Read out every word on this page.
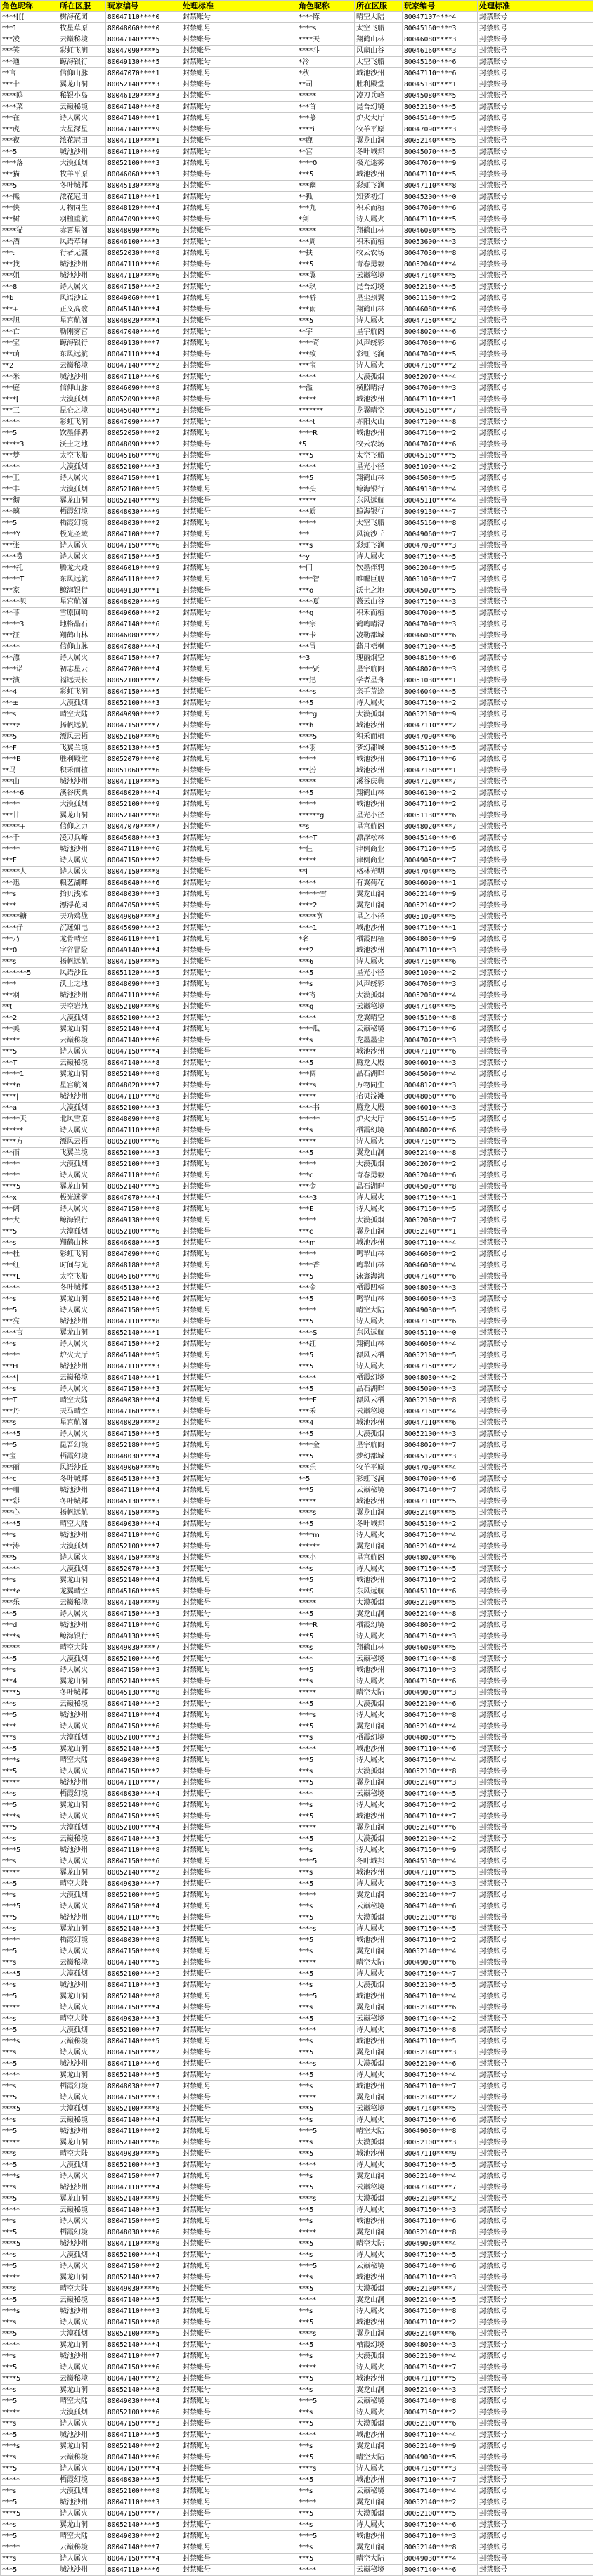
角色昵称	所在区服	玩家编号	处理标准	角色昵称	所在区服	玩家编号	处理标准
****[[[	树海花园	80047110****0	封禁账号	****陈	晴空大陆	80047107****4	封禁账号
***1	牧星草原	80048060****0	封禁账号	****s	太空飞船	80045160****3	封禁账号
***凌	云巅秘境	80047140****5	封禁账号	****天	翔鹤山林	80046080****3	封禁账号
***笑	彩虹飞涧	80047090****5	封禁账号	****斗	风扇山谷	80046160****3	封禁账号
***通	鲸海银行	80049130****5	封禁账号	*冷	太空飞船	80045160****6	封禁账号
**言	信仰山脉	80047070****1	封禁账号	*秋	城池沙州	80047110****6	封禁账号
***十	翼龙山洞	80052140****3	封禁账号	**司	胜利殿堂	80045130****1	封禁账号
****鸥	秘银小岛	80046120****3	封禁账号	*****	凌刀兵峰	80045080****5	封禁账号
****菜	云巅秘境	80047140****8	封禁账号	***首	昆吾幻境	80052180****5	封禁账号
***在	诗人属火	80047140****1	封禁账号	***慕	炉火大厅	80045140****5	封禁账号
***虎	大星深星	80047140****9	封禁账号	****i	牧羊平原	80047090****3	封禁账号
***夜	浓花冠田	80047110****1	封禁账号	**鹿	翼龙山洞	80052140****5	封禁账号
***5	城池沙州	80047110****9	封禁账号	**宫	冬叶城邦	80045070****5	封禁账号
****落	大漠孤烟	80052100****3	封禁账号	****0	极光迷雾	80047070****9	封禁账号
***猫	牧羊平原	80046060****3	封禁账号	***5	城池沙州	80047110****5	封禁账号
***5	冬叶城邦	80045130****8	封禁账号	***幽	彩虹飞涧	80047110****8	封禁账号
***熊	浓花冠田	80047110****1	封禁账号	**狐	知梦初灯	80045200****0	封禁账号
***侠	万物同生	80048120****4	封禁账号	***九	积禾而植	80047090****6	封禁账号
***树	羽檀重航	80047090****9	封禁账号	*剑	诗人属火	80047110****5	封禁账号
****猫	赤霄星阁	80048090****6	封禁账号	*****	翔鹤山林	80046080****5	封禁账号
***酒	风语草甸	80046100****3	封禁账号	***周	积禾而植	80053600****3	封禁账号
***:	行者无疆	80052030****8	封禁账号	**扶	牧云农场	80047030****8	封禁账号
***找	城池沙州	80047110****6	封禁账号	***5	青春勇毅	80052040****4	封禁账号
***姐	城池沙州	80047110****6	封禁账号	***翼	云巅秘境	80047140****5	封禁账号
***8	诗人属火	80047150****2	封禁账号	***玖	昆吾幻境	80052180****5	封禁账号
**b	风语沙丘	80049060****1	封禁账号	***骄	星尘颈翼	80051100****2	封禁账号
***+	正义高歌	80045140****4	封禁账号	***雨	翔鹤山林	80046080****6	封禁账号
***旭	星宫航阁	80048020****4	封禁账号	***5	诗人属火	80047150****2	封禁账号
***亡	勒刚雾宫	80047040****6	封禁账号	**宇	星宇航阁	80048020****6	封禁账号
***宝	鲸海银行	80049130****7	封禁账号	****奇	风声绕彩	80047080****6	封禁账号
***萌	东风远航	80047110****4	封禁账号	***致	彩虹飞涧	80047090****5	封禁账号
**2	云巅秘境	80047140****2	封禁账号	***宝	诗人属火	80047160****2	封禁账号
***米	城池沙州	80047110****0	封禁账号	*****	大漠孤烟	80052070****4	封禁账号
***庭	信仰山脉	80046090****8	封禁账号	**溢	横照晴浔	80047090****3	封禁账号
****[	大漠孤烟	80052090****8	封禁账号	*****	城池沙州	80047110****1	封禁账号
***三	昆仑之境	80045040****3	封禁账号	*******	龙翼晴空	80045160****7	封禁账号
*****	彩虹飞涧	80047090****7	封禁账号	****t	赤阳火山	80047100****8	封禁账号
***5	饮墨伴鸦	80052050****2	封禁账号	****R	城池沙州	80047160****2	封禁账号
*****3	沃土之地	80048090****2	封禁账号	*5	牧云农场	80047070****6	封禁账号
***梦	太空飞船	80045160****0	封禁账号	***5	太空飞船	80045160****5	封禁账号
*****	大漠孤烟	80052100****3	封禁账号	*****	星光小径	80051090****2	封禁账号
***王	诗人属火	80047150****1	封禁账号	***5	翔鹤山林	80045080****5	封禁账号
***丰	大漠孤烟	80052100****5	封禁账号	***头	鲸海银行	80049130****4	封禁账号
***彻	翼龙山洞	80052140****9	封禁账号	*****	东风远航	80045110****4	封禁账号
***璃	栖霞幻境	80048030****9	封禁账号	***质	鲸海银行	80049130****7	封禁账号
***5	栖霞幻境	80048030****2	封禁账号	*****	太空飞船	80045160****8	封禁账号
****Y	极光圣域	80047100****7	封禁账号	***	风流沙丘	80049060****7	封禁账号
***张	诗人属火	80047150****6	封禁账号	***s	彩虹飞涧	80047090****3	封禁账号
****费	诗人属火	80047150****5	封禁账号	**y	诗人属火	80047150****5	封禁账号
****托	腾龙大殿	80046010****9	封禁账号	**门	饮墨伴鸦	80052040****5	封禁账号
*****T	东风远航	80045110****2	封禁账号	****智	帷幄巨舰	80051030****7	封禁账号
***家	鲸海银行	80049130****1	封禁账号	***o	沃土之地	80045020****5	封禁账号
*****贝	星宫航阁	80048020****9	封禁账号	****夏	薇云山谷	80047150****3	封禁账号
***菲	雪原回响	80049060****2	封禁账号	***g	积禾而植	80047090****5	封禁账号
*****3	地格晶石	80047140****6	封禁账号	***宗	鹤鸣晴浔	80047090****3	封禁账号
***汪	翔鹤山林	80046080****2	封禁账号	***卡	凌勒都城	80046060****6	封禁账号
*****	信仰山脉	80047080****4	封禁账号	***冒	蒲月梧桐	80047100****5	封禁账号
***漂	诗人属火	80047150****7	封禁账号	**3	瑰丽炯空	80048160****6	封禁账号
****诺	初志星云	80047200****4	封禁账号	****贤	星宇航阁	80048020****3	封禁账号
***演	福远天长	80052100****7	封禁账号	***迅	学者星舟	80051030****1	封禁账号
***4	彩虹飞涧	80047150****5	封禁账号	****s	亲手荒途	80046040****5	封禁账号
***±	大漠孤烟	80052100****3	封禁账号	***5	诗人属火	80047150****2	封禁账号
***s	晴空大陆	80049090****2	封禁账号	****g	大漠孤烟	80052100****9	封禁账号
****z	扬帆远航	80047150****7	封禁账号	***h	城池沙州	80047110****2	封禁账号
***5	漂风云栖	80052160****6	封禁账号	****5	积禾而植	80047090****6	封禁账号
***F	飞翼兰境	80052130****5	封禁账号	***羽	梦幻都城	80045120****5	封禁账号
****B	胜利殿堂	80052070****0	封禁账号	*****	城池沙州	80047110****6	封禁账号
**马	积禾而植	80051060****6	封禁账号	***扮	城池沙州	80047160****1	封禁账号
***山	城池沙州	80047110****5	封禁账号	*****	溪谷庆典	80047120****7	封禁账号
*****6	溪谷庆典	80048020****4	封禁账号	***5	翔鹤山林	80046100****2	封禁账号
*****	大漠孤烟	80052100****9	封禁账号	*****	城池沙州	80047110****2	封禁账号
***甘	翼龙山洞	80052140****8	封禁账号	******g	星光小径	80051130****6	封禁账号
*****+	信仰之力	80047070****7	封禁账号	**s	星宫航阁	80048020****7	封禁账号
***千	凌刀兵峰	80045080****3	封禁账号	****T	漂浮松林	80045140****6	封禁账号
*****	城池沙州	80047110****6	封禁账号	**仨	律例商业	80047120****5	封禁账号
***F	诗人属火	80047150****2	封禁账号	*****	律例商业	80049050****7	封禁账号
*****人	诗人属火	80047150****8	封禁账号	**l	格林光明	80047040****5	封禁账号
***迅	粮艺湖畔	80048040****6	封禁账号	*****	有翼荷花	80046090****1	封禁账号
***s	抬贝浅滩	80048030****3	封禁账号	******雪	翼龙山洞	80052140****9	封禁账号
****	漂浮花园	80047050****5	封禁账号	****2	翼龙山洞	80052140****2	封禁账号
*****糖	天功鸡战	80049060****3	封禁账号	*****宽	星之小径	80051090****5	封禁账号
****仔	沉迷如电	80045090****2	封禁账号	****1	城池沙州	80047160****1	封禁账号
***乃	龙骨晴空	80046110****1	封禁账号	*名	栖霞凹楂	80048030****9	封禁账号
***0	字谷冒险	80049140****4	封禁账号	***2	城池沙州	80047110****3	封禁账号
***s	扬帆远航	80047150****5	封禁账号	***6	诗人属火	80047150****6	封禁账号
*******5	风语沙丘	80051120****5	封禁账号	***5	星光小径	80051090****2	封禁账号
****	沃土之地	80048090****3	封禁账号	***s	风声绕彩	80047080****3	封禁账号
***羽	城池沙州	80047110****6	封禁账号	***寄	大漠孤烟	80052080****4	封禁账号
**t	天空岩地	80052100****0	封禁账号	***q	云巅秘境	80047140****5	封禁账号
***2	大漠孤烟	80052100****2	封禁账号	*****	龙翼晴空	80045160****8	封禁账号
***美	翼龙山洞	80052140****4	封禁账号	****瓜	云巅秘境	80047150****6	封禁账号
*****	云巅秘境	80047140****6	封禁账号	***s	龙墨墨尘	80047070****3	封禁账号
***5	诗人属火	80047150****4	封禁账号	*****	城池沙州	80047110****6	封禁账号
***T	云巅秘境	80047140****8	封禁账号	***5	腾龙大殿	80046010****3	封禁账号
*****1	翼龙山洞	80052140****8	封禁账号	***阔	晶石湖畔	80045090****4	封禁账号
****n	星宫航阁	80048020****7	封禁账号	****s	万物同生	80048120****3	封禁账号
****|	城池沙州	80047110****8	封禁账号	*****	抬贝浅滩	80048060****6	封禁账号
***a	大漠孤烟	80052100****3	封禁账号	****书	腾龙大殿	80046010****3	封禁账号
*****天	北风雪原	80048090****8	封禁账号	******	炉火大厅	80045140****5	封禁账号
******	诗人属火	80047110****8	封禁账号	***s	栖霞幻境	80048020****6	封禁账号
****方	漂风云栖	80052100****6	封禁账号	*****	诗人属火	80047150****5	封禁账号
***雨	飞翼兰境	80052100****3	封禁账号	***5	翼龙山洞	80052140****8	封禁账号
*****	大漠孤烟	80052100****3	封禁账号	*****	大漠孤烟	80052070****2	封禁账号
*****	诗人属火	80047110****6	封禁账号	***c	青春勇毅	80052040****6	封禁账号
****5	翼龙山洞	80052140****5	封禁账号	***金	晶石湖畔	80045090****8	封禁账号
***x	极光迷雾	80047070****4	封禁账号	****3	诗人属火	80047150****1	封禁账号
***阔	诗人属火	80047150****8	封禁账号	***E	诗人属火	80047150****5	封禁账号
***大	鲸海银行	80049130****9	封禁账号	*****	大漠孤烟	80052080****7	封禁账号
***5	大漠孤烟	80052100****6	封禁账号	***c	翼龙山洞	80052140****1	封禁账号
***s	翔鹤山林	80046080****5	封禁账号	***m	城池沙州	80047110****4	封禁账号
***杜	彩虹飞涧	80047090****6	封禁账号	*****	鸣犁山林	80046080****2	封禁账号
***红	时间与光	80048180****8	封禁账号	****香	鸣犁山林	80046080****4	封禁账号
****L	太空飞船	80045160****0	封禁账号	***5	泳寰海湾	80047140****6	封禁账号
*****	冬叶城邦	80045130****2	封禁账号	***金	栖霞凹楂	80048030****3	封禁账号
***s	翼龙山洞	80052140****6	封禁账号	***5	鸣犁山林	80046080****3	封禁账号
***5	诗人属火	80047150****5	封禁账号	*****	晴空大陆	80049030****5	封禁账号
***亮	城池沙州	80047110****8	封禁账号	***5	诗人属火	80047150****6	封禁账号
****言	翼龙山洞	80052140****1	封禁账号	****S	东风远航	80045110****0	封禁账号
***s	诗人属火	80047150****2	封禁账号	***红	翔鹤山林	80046080****4	封禁账号
*****	炉火大厅	80045140****5	封禁账号	***5	漂风云栖	80052100****5	封禁账号
***H	城池沙州	80047110****3	封禁账号	***5	诗人属火	80047150****2	封禁账号
****|	云巅秘境	80047140****1	封禁账号	*****	栖霞幻境	80048030****2	封禁账号
***s	诗人属火	80047150****3	封禁账号	***5	晶石湖畔	80045090****3	封禁账号
***T	晴空大陆	80049030****4	封禁账号	****F	漂风云栖	80052100****8	封禁账号
***丹	天马晴空	80047160****3	封禁账号	***禾	云巅秘境	80047160****4	封禁账号
***s	星宫航阁	80048020****2	封禁账号	***4	城池沙州	80047110****6	封禁账号
****5	诗人属火	80047150****5	封禁账号	***5	大漠孤烟	80052100****3	封禁账号
***5	昆吾幻境	80052180****5	封禁账号	****金	星宇航阁	80048020****7	封禁账号
**宝	栖霞幻境	80048030****4	封禁账号	***5	梦幻都城	80045120****3	封禁账号
***丽	风语沙丘	80049060****6	封禁账号	***乐	牧羊平原	80047090****4	封禁账号
***c	冬叶城邦	80045130****3	封禁账号	**5	彩虹飞涧	80047090****6	封禁账号
***珊	城池沙州	80047110****4	封禁账号	***5	云巅秘境	80047140****7	封禁账号
***彩	冬叶城邦	80045130****3	封禁账号	*****	城池沙州	80047110****5	封禁账号
***心	扬帆远航	80047150****5	封禁账号	****s	翼龙山洞	80052140****5	封禁账号
****5	晴空大陆	80049030****4	封禁账号	***5	冬叶城邦	80045130****2	封禁账号
***s	城池沙州	80047110****6	封禁账号	****m	诗人属火	80047150****4	封禁账号
***涛	大漠孤烟	80052100****7	封禁账号	******	翼龙山洞	80052140****4	封禁账号
***5	诗人属火	80047150****8	封禁账号	***小	星宫航阁	80048020****6	封禁账号
*****	大漠孤烟	80052070****3	封禁账号	***s	诗人属火	80047150****5	封禁账号
***s	翼龙山洞	80052140****4	封禁账号	***5	城池沙州	80047110****2	封禁账号
****e	龙翼晴空	80045160****5	封禁账号	***S	东风远航	80045110****6	封禁账号
***乐	云巅秘境	80047140****9	封禁账号	*****	大漠孤烟	80052100****5	封禁账号
***5	诗人属火	80047150****3	封禁账号	***5	翼龙山洞	80052140****8	封禁账号
***d	城池沙州	80047110****6	封禁账号	****R	栖霞幻境	80048030****2	封禁账号
****s	鲸海银行	80049130****5	封禁账号	***5	诗人属火	80047150****3	封禁账号
*****	晴空大陆	80049030****7	封禁账号	***s	翔鹤山林	80046080****5	封禁账号
***5	大漠孤烟	80052100****6	封禁账号	****	云巅秘境	80047140****8	封禁账号
***s	诗人属火	80047150****3	封禁账号	***5	城池沙州	80047110****3	封禁账号
***4	翼龙山洞	80052140****5	封禁账号	***s	诗人属火	80047150****6	封禁账号
****5	冬叶城邦	80045130****8	封禁账号	*****	晴空大陆	80049030****3	封禁账号
***s	云巅秘境	80047140****2	封禁账号	***5	大漠孤烟	80052100****6	封禁账号
***5	城池沙州	80047110****4	封禁账号	****s	诗人属火	80047150****8	封禁账号
****	诗人属火	80047150****6	封禁账号	***5	翼龙山洞	80052140****4	封禁账号
***s	大漠孤烟	80052100****3	封禁账号	***s	栖霞幻境	80048030****5	封禁账号
***5	翼龙山洞	80052140****5	封禁账号	*****	城池沙州	80047110****6	封禁账号
****s	晴空大陆	80049030****8	封禁账号	***5	诗人属火	80047150****4	封禁账号
***5	诗人属火	80047150****2	封禁账号	***s	大漠孤烟	80052100****8	封禁账号
*****	城池沙州	80047110****7	封禁账号	***5	翼龙山洞	80052140****3	封禁账号
***s	栖霞幻境	80048030****4	封禁账号	****	云巅秘境	80047140****5	封禁账号
***5	翼龙山洞	80052140****6	封禁账号	***s	诗人属火	80047150****2	封禁账号
****s	诗人属火	80047150****5	封禁账号	***5	城池沙州	80047110****7	封禁账号
***5	大漠孤烟	80052100****4	封禁账号	*****	翼龙山洞	80052140****6	封禁账号
***s	云巅秘境	80047140****3	封禁账号	***5	大漠孤烟	80052100****2	封禁账号
****5	城池沙州	80047110****8	封禁账号	***s	诗人属火	80047150****9	封禁账号
***s	诗人属火	80047150****6	封禁账号	****5	冬叶城邦	80045130****4	封禁账号
*****	翼龙山洞	80052140****2	封禁账号	***s	城池沙州	80047110****5	封禁账号
***5	晴空大陆	80049030****7	封禁账号	***5	诗人属火	80047150****3	封禁账号
***s	大漠孤烟	80052100****5	封禁账号	*****	翼龙山洞	80052140****7	封禁账号
****5	诗人属火	80047150****4	封禁账号	***s	云巅秘境	80047140****6	封禁账号
***5	城池沙州	80047110****6	封禁账号	***5	大漠孤烟	80052100****8	封禁账号
***s	翼龙山洞	80052140****3	封禁账号	****s	诗人属火	80047150****5	封禁账号
*****	栖霞幻境	80048030****8	封禁账号	***5	城池沙州	80047110****2	封禁账号
***5	诗人属火	80047150****9	封禁账号	***s	翼龙山洞	80052140****4	封禁账号
***s	云巅秘境	80047140****5	封禁账号	*****	晴空大陆	80049030****6	封禁账号
****5	大漠孤烟	80052100****2	封禁账号	***5	诗人属火	80047150****7	封禁账号
***s	城池沙州	80047110****3	封禁账号	***s	大漠孤烟	80052100****5	封禁账号
***5	翼龙山洞	80052140****8	封禁账号	****5	城池沙州	80047110****4	封禁账号
*****	诗人属火	80047150****4	封禁账号	***s	翼龙山洞	80052140****6	封禁账号
***s	晴空大陆	80049030****3	封禁账号	***5	云巅秘境	80047140****2	封禁账号
***5	大漠孤烟	80052100****7	封禁账号	*****	诗人属火	80047150****8	封禁账号
****s	云巅秘境	80047140****5	封禁账号	***s	城池沙州	80047110****5	封禁账号
***s	诗人属火	80047150****2	封禁账号	***5	翼龙山洞	80052140****3	封禁账号
***5	城池沙州	80047110****6	封禁账号	****s	大漠孤烟	80052100****6	封禁账号
*****	翼龙山洞	80052140****5	封禁账号	***5	诗人属火	80047150****4	封禁账号
***s	栖霞幻境	80048030****7	封禁账号	***s	城池沙州	80047110****7	封禁账号
***5	诗人属火	80047150****3	封禁账号	*****	翼龙山洞	80052140****2	封禁账号
****5	大漠孤烟	80052100****8	封禁账号	***5	云巅秘境	80047140****5	封禁账号
***s	云巅秘境	80047140****4	封禁账号	***s	诗人属火	80047150****6	封禁账号
***5	城池沙州	80047110****2	封禁账号	****5	晴空大陆	80049030****8	封禁账号
*****	翼龙山洞	80052140****6	封禁账号	***s	大漠孤烟	80052100****3	封禁账号
***s	晴空大陆	80049030****5	封禁账号	***5	城池沙州	80047110****9	封禁账号
***5	大漠孤烟	80052100****3	封禁账号	*****	诗人属火	80047150****5	封禁账号
****s	诗人属火	80047150****7	封禁账号	***s	翼龙山洞	80052140****4	封禁账号
***s	城池沙州	80047110****4	封禁账号	***5	云巅秘境	80047140****7	封禁账号
***5	翼龙山洞	80052140****9	封禁账号	****s	大漠孤烟	80052100****2	封禁账号
*****	云巅秘境	80047140****3	封禁账号	***5	诗人属火	80047150****3	封禁账号
***s	诗人属火	80047150****5	封禁账号	***s	城池沙州	80047110****6	封禁账号
***5	栖霞幻境	80048030****6	封禁账号	*****	翼龙山洞	80052140****8	封禁账号
****5	城池沙州	80047110****8	封禁账号	***5	晴空大陆	80049030****4	封禁账号
***s	大漠孤烟	80052100****4	封禁账号	***s	诗人属火	80047150****5	封禁账号
***5	诗人属火	80047150****2	封禁账号	****5	云巅秘境	80047140****6	封禁账号
*****	翼龙山洞	80052140****7	封禁账号	***s	城池沙州	80047110****3	封禁账号
***s	晴空大陆	80049030****6	封禁账号	***5	大漠孤烟	80052100****7	封禁账号
***5	云巅秘境	80047140****5	封禁账号	*****	翼龙山洞	80052140****5	封禁账号
****s	城池沙州	80047110****3	封禁账号	***s	诗人属火	80047150****8	封禁账号
***s	诗人属火	80047150****8	封禁账号	***5	城池沙州	80047110****2	封禁账号
***5	大漠孤烟	80052100****5	封禁账号	****s	翼龙山洞	80052140****6	封禁账号
*****	翼龙山洞	80052140****4	封禁账号	***5	栖霞幻境	80048030****3	封禁账号
***s	城池沙州	80047110****7	封禁账号	***s	大漠孤烟	80052100****4	封禁账号
***5	诗人属火	80047150****6	封禁账号	*****	诗人属火	80047150****7	封禁账号
****5	云巅秘境	80047140****2	封禁账号	***5	城池沙州	80047110****5	封禁账号
***s	翼龙山洞	80052140****8	封禁账号	***s	翼龙山洞	80052140****3	封禁账号
***5	晴空大陆	80049030****4	封禁账号	****5	云巅秘境	80047140****8	封禁账号
*****	大漠孤烟	80052100****6	封禁账号	***s	诗人属火	80047150****2	封禁账号
***s	诗人属火	80047150****3	封禁账号	***5	大漠孤烟	80052100****6	封禁账号
***5	城池沙州	80047110****5	封禁账号	*****	城池沙州	80047110****4	封禁账号
****s	翼龙山洞	80052140****2	封禁账号	***s	翼龙山洞	80052140****9	封禁账号
***s	云巅秘境	80047140****6	封禁账号	***5	晴空大陆	80049030****5	封禁账号
***5	诗人属火	80047150****4	封禁账号	****s	诗人属火	80047150****3	封禁账号
*****	栖霞幻境	80048030****5	封禁账号	***5	城池沙州	80047110****7	封禁账号
***s	大漠孤烟	80052100****8	封禁账号	***s	云巅秘境	80047140****4	封禁账号
***5	城池沙州	80047110****3	封禁账号	*****	翼龙山洞	80052140****2	封禁账号
****5	诗人属火	80047150****7	封禁账号	***5	大漠孤烟	80052100****5	封禁账号
***s	翼龙山洞	80052140****5	封禁账号	***s	诗人属火	80047150****6	封禁账号
***5	晴空大陆	80049030****2	封禁账号	****5	城池沙州	80047110****3	封禁账号
*****	云巅秘境	80047140****7	封禁账号	***s	翼龙山洞	80052140****8	封禁账号
***s	诗人属火	80047150****4	封禁账号	***5	晴空大陆	80049030****4	封禁账号
***5	城池沙州	80047110****6	封禁账号	*****	云巅秘境	80047140****6	封禁账号
